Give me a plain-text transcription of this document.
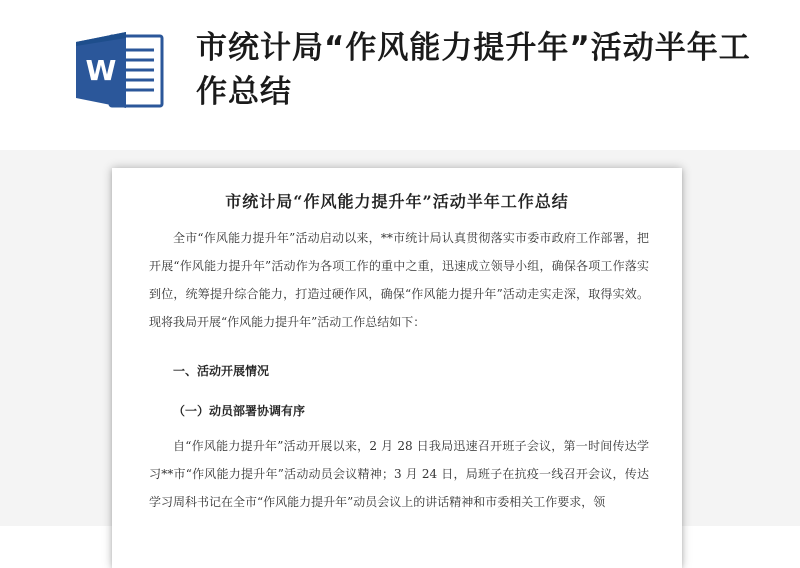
W
市统计局“作风能力提升年”活动半年工作总结
市统计局“作风能力提升年”活动半年工作总结

全市“作风能力提升年”活动启动以来，**市统计局认真贯彻落实市委市政府工作部署，把开展“作风能力提升年”活动作为各项工作的重中之重，迅速成立领导小组，确保各项工作落实到位，统筹提升综合能力，打造过硬作风，确保“作风能力提升年”活动走实走深，取得实效。现将我局开展“作风能力提升年”活动工作总结如下：

一、活动开展情况

（一）动员部署协调有序

自“作风能力提升年”活动开展以来，2 月 28 日我局迅速召开班子会议，第一时间传达学习**市“作风能力提升年”活动动员会议精神；3 月 24 日，局班子在抗疫一线召开会议，传达学习周科书记在全市“作风能力提升年”动员会议上的讲话精神和市委相关工作要求，领
